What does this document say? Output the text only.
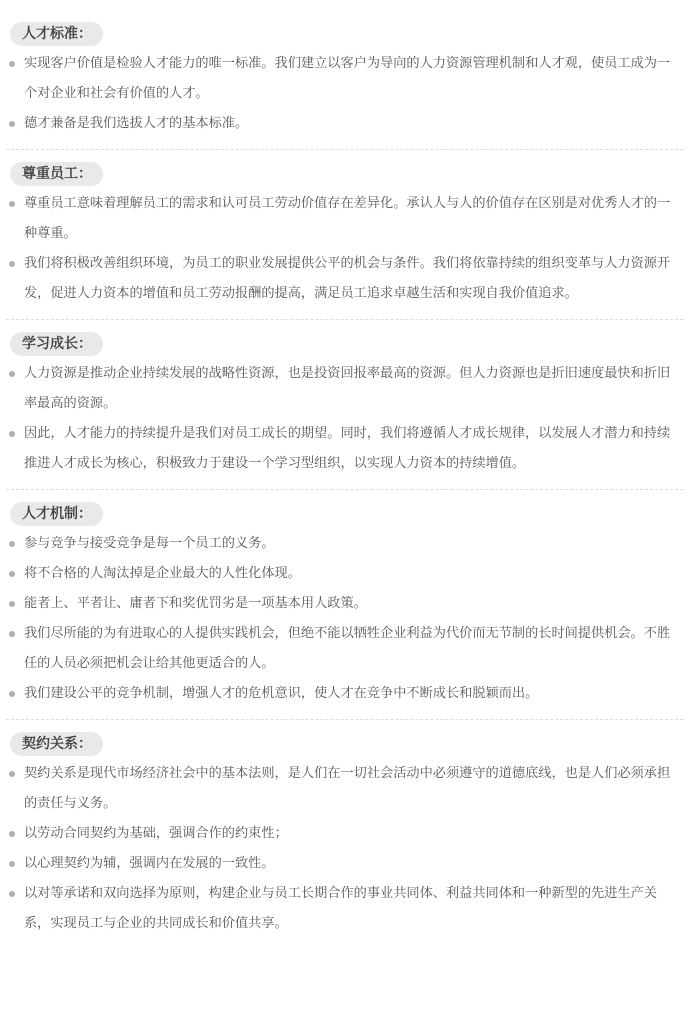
人才标准：
实现客户价值是检验人才能力的唯一标准。我们建立以客户为导向的人力资源管理机制和人才观，使员工成为一个对企业和社会有价值的人才。
德才兼备是我们选拔人才的基本标准。
尊重员工：
尊重员工意味着理解员工的需求和认可员工劳动价值存在差异化。承认人与人的价值存在区别是对优秀人才的一种尊重。
我们将积极改善组织环境，为员工的职业发展提供公平的机会与条件。我们将依靠持续的组织变革与人力资源开发，促进人力资本的增值和员工劳动报酬的提高，满足员工追求卓越生活和实现自我价值追求。
学习成长：
人力资源是推动企业持续发展的战略性资源，也是投资回报率最高的资源。但人力资源也是折旧速度最快和折旧率最高的资源。
因此，人才能力的持续提升是我们对员工成长的期望。同时，我们将遵循人才成长规律，以发展人才潜力和持续推进人才成长为核心，积极致力于建设一个学习型组织，以实现人力资本的持续增值。
人才机制：
参与竞争与接受竞争是每一个员工的义务。
将不合格的人淘汰掉是企业最大的人性化体现。
能者上、平者让、庸者下和奖优罚劣是一项基本用人政策。
我们尽所能的为有进取心的人提供实践机会，但绝不能以牺牲企业利益为代价而无节制的长时间提供机会。不胜任的人员必须把机会让给其他更适合的人。
我们建设公平的竞争机制，增强人才的危机意识，使人才在竞争中不断成长和脱颖而出。
契约关系：
契约关系是现代市场经济社会中的基本法则，是人们在一切社会活动中必须遵守的道德底线，也是人们必须承担的责任与义务。
以劳动合同契约为基础，强调合作的约束性；
以心理契约为辅，强调内在发展的一致性。
以对等承诺和双向选择为原则，构建企业与员工长期合作的事业共同体、利益共同体和一种新型的先进生产关系，实现员工与企业的共同成长和价值共享。
